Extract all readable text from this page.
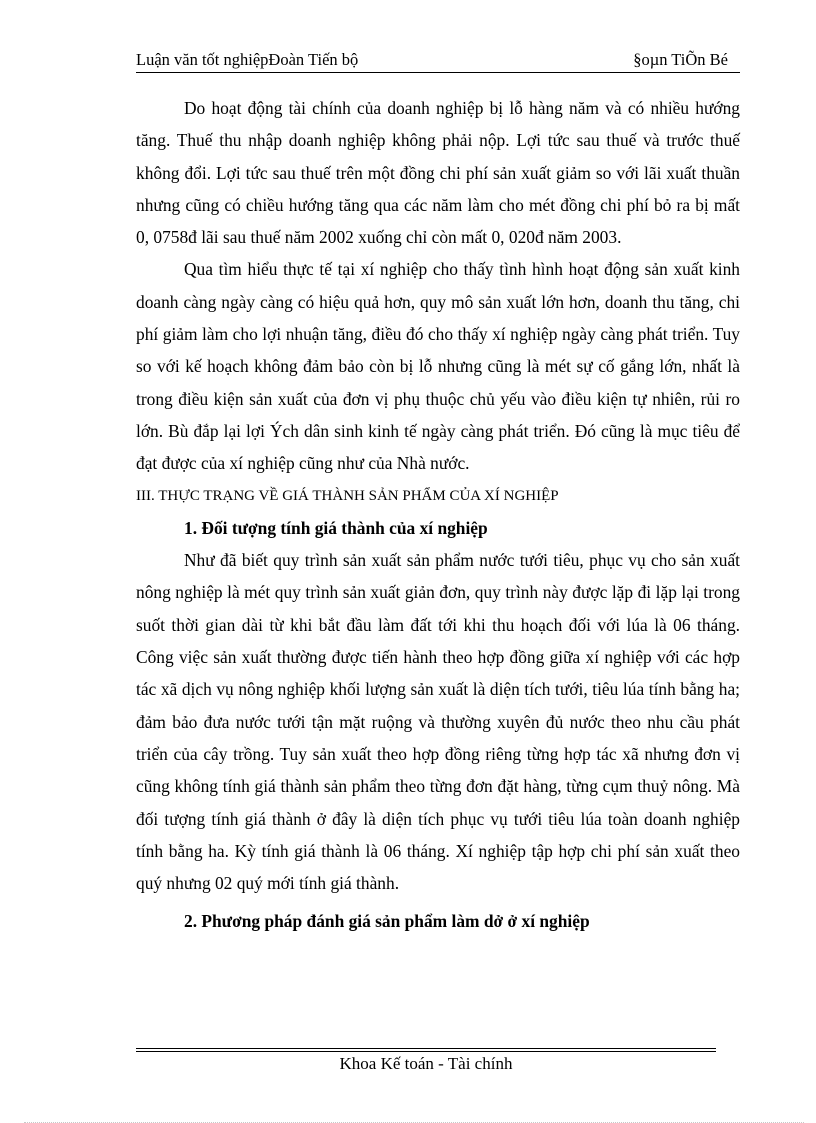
Luận văn tốt nghiệpĐoàn Tiến bộ	§oµn TiÕn Bé

Do hoạt động tài chính của doanh nghiệp bị lỗ hàng năm và có nhiều hướng tăng. Thuế thu nhập doanh nghiệp không phải nộp. Lợi tức sau thuế và trước thuế không đổi. Lợi tức sau thuế trên một đồng chi phí sản xuất giảm so với lãi xuất thuần nhưng cũng có chiều hướng tăng qua các năm làm cho mét đồng chi phí bỏ ra bị mất 0, 0758đ lãi sau thuế năm 2002 xuống chỉ còn mất 0, 020đ năm 2003.

Qua tìm hiểu thực tế tại xí nghiệp cho thấy tình hình hoạt động sản xuất kinh doanh càng ngày càng có hiệu quả hơn, quy mô sản xuất lớn hơn, doanh thu tăng, chi phí giảm làm cho lợi nhuận tăng, điều đó cho thấy xí nghiệp ngày càng phát triển. Tuy so với kế hoạch không đảm bảo còn bị lỗ nhưng cũng là mét sự cố gắng lớn, nhất là trong điều kiện sản xuất của đơn vị phụ thuộc chủ yếu vào điều kiện tự nhiên, rủi ro lớn. Bù đắp lại lợi Ých dân sinh kinh tế ngày càng phát triển. Đó cũng là mục tiêu để đạt được của xí nghiệp cũng như của Nhà nước.

III. THỰC TRẠNG VỀ GIÁ THÀNH SẢN PHẨM CỦA XÍ NGHIỆP

1. Đối tượng tính giá thành của xí nghiệp

Như đã biết quy trình sản xuất sản phẩm nước tưới tiêu, phục vụ cho sản xuất nông nghiệp là mét quy trình sản xuất giản đơn, quy trình này được lặp đi lặp lại trong suốt thời gian dài từ khi bắt đầu làm đất tới khi thu hoạch đối với lúa là 06 tháng. Công việc sản xuất thường được tiến hành theo hợp đồng giữa xí nghiệp với các hợp tác xã dịch vụ nông nghiệp khối lượng sản xuất là diện tích tưới, tiêu lúa tính bằng ha; đảm bảo đưa nước tưới tận mặt ruộng và thường xuyên đủ nước theo nhu cầu phát triển của cây trồng. Tuy sản xuất theo hợp đồng riêng từng hợp tác xã nhưng đơn vị cũng không tính giá thành sản phẩm theo từng đơn đặt hàng, từng cụm thuỷ nông. Mà đối tượng tính giá thành ở đây là diện tích phục vụ tưới tiêu lúa toàn doanh nghiệp tính bằng ha. Kỳ tính giá thành là 06 tháng. Xí nghiệp tập hợp chi phí sản xuất theo quý nhưng 02 quý mới tính giá thành.

2. Phương pháp đánh giá sản phẩm làm dở ở xí nghiệp

Khoa Kế toán - Tài chính
